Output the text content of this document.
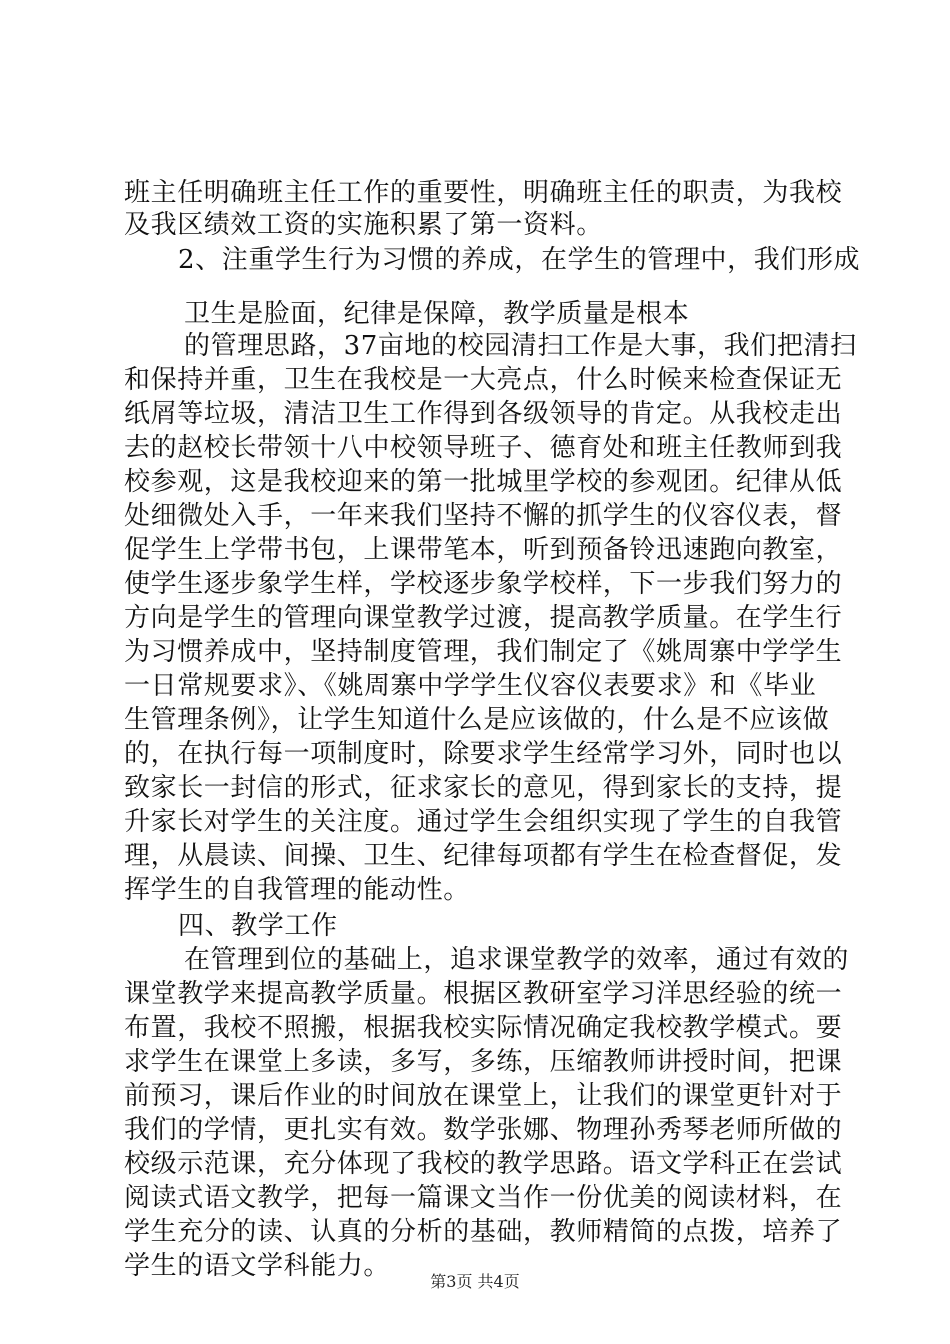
班主任明确班主任工作的重要性，明确班主任的职责，为我校
及我区绩效工资的实施积累了第一资料。
2、注重学生行为习惯的养成，在学生的管理中，我们形成
卫生是脸面，纪律是保障，教学质量是根本
的管理思路，37亩地的校园清扫工作是大事，我们把清扫
和保持并重，卫生在我校是一大亮点，什么时候来检查保证无
纸屑等垃圾，清洁卫生工作得到各级领导的肯定。从我校走出
去的赵校长带领十八中校领导班子、德育处和班主任教师到我
校参观，这是我校迎来的第一批城里学校的参观团。纪律从低
处细微处入手，一年来我们坚持不懈的抓学生的仪容仪表，督
促学生上学带书包，上课带笔本，听到预备铃迅速跑向教室，
使学生逐步象学生样，学校逐步象学校样，下一步我们努力的
方向是学生的管理向课堂教学过渡，提高教学质量。在学生行
为习惯养成中，坚持制度管理，我们制定了《姚周寨中学学生
一日常规要求》、《姚周寨中学学生仪容仪表要求》和《毕业
生管理条例》，让学生知道什么是应该做的，什么是不应该做
的，在执行每一项制度时，除要求学生经常学习外，同时也以
致家长一封信的形式，征求家长的意见，得到家长的支持，提
升家长对学生的关注度。通过学生会组织实现了学生的自我管
理，从晨读、间操、卫生、纪律每项都有学生在检查督促，发
挥学生的自我管理的能动性。
四、教学工作
在管理到位的基础上，追求课堂教学的效率，通过有效的
课堂教学来提高教学质量。根据区教研室学习洋思经验的统一
布置，我校不照搬，根据我校实际情况确定我校教学模式。要
求学生在课堂上多读，多写，多练，压缩教师讲授时间，把课
前预习，课后作业的时间放在课堂上，让我们的课堂更针对于
我们的学情，更扎实有效。数学张娜、物理孙秀琴老师所做的
校级示范课，充分体现了我校的教学思路。语文学科正在尝试
阅读式语文教学，把每一篇课文当作一份优美的阅读材料，在
学生充分的读、认真的分析的基础，教师精简的点拨，培养了
学生的语文学科能力。
第3页 共4页
